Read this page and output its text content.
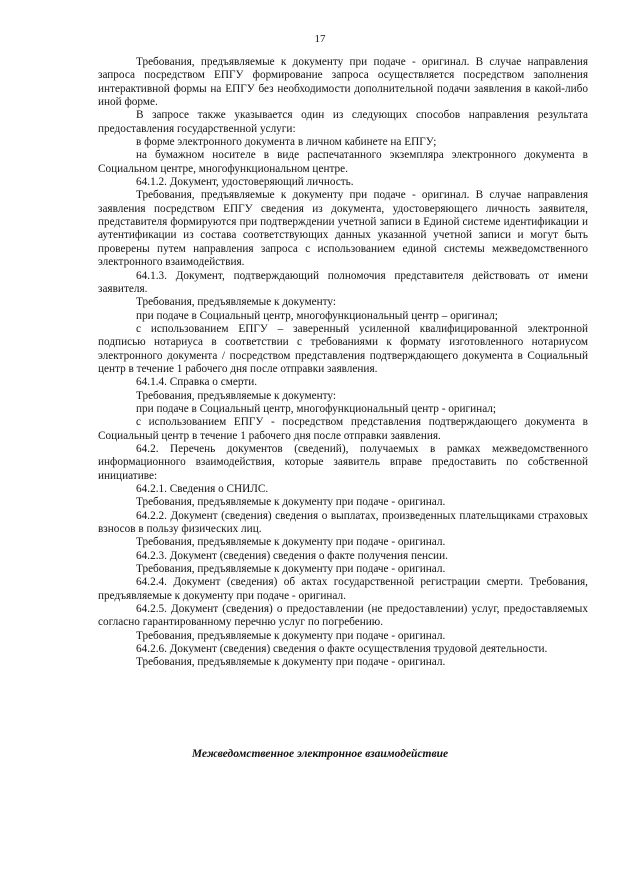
17

Требования, предъявляемые к документу при подаче - оригинал. В случае направления запроса посредством ЕПГУ формирование запроса осуществляется посредством заполнения интерактивной формы на ЕПГУ без необходимости дополнительной подачи заявления в какой-либо иной форме.

В запросе также указывается один из следующих способов направления результата предоставления государственной услуги:

в форме электронного документа в личном кабинете на ЕПГУ;

на бумажном носителе в виде распечатанного экземпляра электронного документа в Социальном центре, многофункциональном центре.

64.1.2. Документ, удостоверяющий личность.

Требования, предъявляемые к документу при подаче - оригинал. В случае направления заявления посредством ЕПГУ сведения из документа, удостоверяющего личность заявителя, представителя формируются при подтверждении учетной записи в Единой системе идентификации и аутентификации из состава соответствующих данных указанной учетной записи и могут быть проверены путем направления запроса с использованием единой системы межведомственного электронного взаимодействия.

64.1.3. Документ, подтверждающий полномочия представителя действовать от имени заявителя.

Требования, предъявляемые к документу:

при подаче в Социальный центр, многофункциональный центр – оригинал;

с использованием ЕПГУ – заверенный усиленной квалифицированной электронной подписью нотариуса в соответствии с требованиями к формату изготовленного нотариусом электронного документа / посредством представления подтверждающего документа в Социальный центр в течение 1 рабочего дня после отправки заявления.

64.1.4. Справка о смерти.

Требования, предъявляемые к документу:

при подаче в Социальный центр, многофункциональный центр - оригинал;

с использованием ЕПГУ - посредством представления подтверждающего документа в Социальный центр в течение 1 рабочего дня после отправки заявления.

64.2. Перечень документов (сведений), получаемых в рамках межведомственного информационного взаимодействия, которые заявитель вправе предоставить по собственной инициативе:

64.2.1. Сведения о СНИЛС.

Требования, предъявляемые к документу при подаче - оригинал.

64.2.2. Документ (сведения) сведения о выплатах, произведенных плательщиками страховых взносов в пользу физических лиц.

Требования, предъявляемые к документу при подаче - оригинал.

64.2.3. Документ (сведения) сведения о факте получения пенсии.

Требования, предъявляемые к документу при подаче - оригинал.

64.2.4. Документ (сведения) об актах государственной регистрации смерти. Требования, предъявляемые к документу при подаче - оригинал.

64.2.5. Документ (сведения) о предоставлении (не предоставлении) услуг, предоставляемых согласно гарантированному перечню услуг по погребению.

Требования, предъявляемые к документу при подаче - оригинал.

64.2.6. Документ (сведения) сведения о факте осуществления трудовой деятельности.

Требования, предъявляемые к документу при подаче - оригинал.

Межведомственное электронное взаимодействие
